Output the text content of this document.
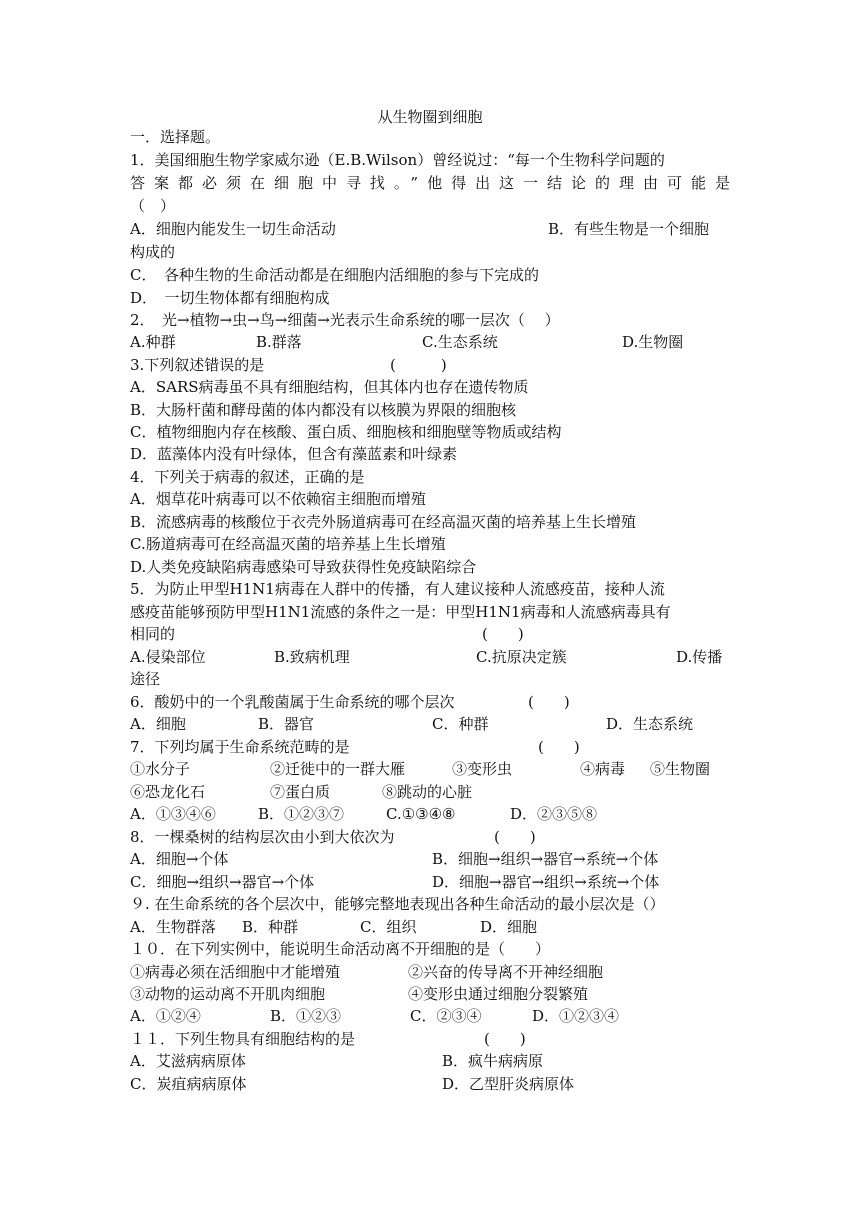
从生物圈到细胞
一．选择题。
1．美国细胞生物学家威尔逊（E.B.Wilson）曾经说过：“每一个生物科学问题的
答案都必须在细胞中寻找。”他得出这一结论的理由可能是
（　）
A．细胞内能发生一切生命活动	B．有些生物是一个细胞
构成的
C．　各种生物的生命活动都是在细胞内活细胞的参与下完成的
D．　一切生物体都有细胞构成
2．　光→植物→虫→鸟→细菌→光表示生命系统的哪一层次（　 ）
A.种群	B.群落	C.生态系统	D.生物圈
3.下列叙述错误的是	(　　　)
A．SARS病毒虽不具有细胞结构，但其体内也存在遗传物质
B．大肠杆菌和酵母菌的体内都没有以核膜为界限的细胞核
C．植物细胞内存在核酸、蛋白质、细胞核和细胞壁等物质或结构
D．蓝藻体内没有叶绿体，但含有藻蓝素和叶绿素
4．下列关于病毒的叙述，正确的是
A．烟草花叶病毒可以不依赖宿主细胞而增殖
B．流感病毒的核酸位于衣壳外肠道病毒可在经高温灭菌的培养基上生长增殖
C.肠道病毒可在经高温灭菌的培养基上生长增殖
D.人类免疫缺陷病毒感染可导致获得性免疫缺陷综合
5．为防止甲型H1N1病毒在人群中的传播，有人建议接种人流感疫苗，接种人流
感疫苗能够预防甲型H1N1流感的条件之一是：甲型H1N1病毒和人流感病毒具有
相同的	(　　)
A.侵染部位	B.致病机理	C.抗原决定簇	D.传播
途径
6．酸奶中的一个乳酸菌属于生命系统的哪个层次	(　　)
A．细胞	B．器官	C．种群	D．生态系统
7．下列均属于生命系统范畴的是	(　　)
①水分子	②迁徙中的一群大雁	③变形虫	④病毒 ⑤生物圈
⑥恐龙化石	⑦蛋白质	⑧跳动的心脏
A．①③④⑥	B．①②③⑦	C.①③④⑧	D．②③⑤⑧
8．一棵桑树的结构层次由小到大依次为	(　　)
A．细胞→个体	B．细胞→组织→器官→系统→个体
C．细胞→组织→器官→个体	D．细胞→器官→组织→系统→个体
９. 在生命系统的各个层次中，能够完整地表现出各种生命活动的最小层次是（）
A．生物群落 B．种群	C．组织	D．细胞
１０．在下列实例中，能说明生命活动离不开细胞的是（　　）
①病毒必须在活细胞中才能增殖	②兴奋的传导离不开神经细胞
③动物的运动离不开肌肉细胞	④变形虫通过细胞分裂繁殖
A．①②④	B．①②③	C．②③④	D．①②③④
１１．下列生物具有细胞结构的是	(　　)
A．艾滋病病原体	B．疯牛病病原
C．炭疽病病原体	D．乙型肝炎病原体
